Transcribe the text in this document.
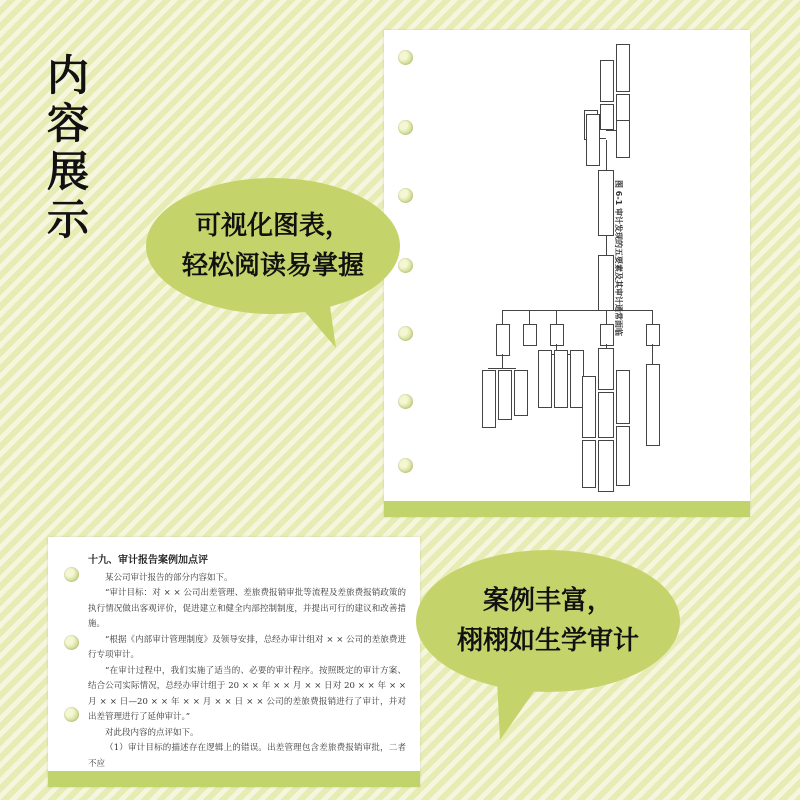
内
容
展
示	图 6-1 审计发现的五要素及其审计通常面临
可视化图表，
轻松阅读易掌握
十九、审计报告案例加点评

某公司审计报告的部分内容如下。

“审计目标：对 × × 公司出差管理、差旅费报销审批等流程及差旅费报销政策的执行情况做出客观评价，促进建立和健全内部控制制度，并提出可行的建议和改善措施。

“根据《内部审计管理制度》及领导安排，总经办审计组对 × × 公司的差旅费进行专项审计。

“在审计过程中，我们实施了适当的、必要的审计程序。按照既定的审计方案、结合公司实际情况，总经办审计组于 20 × × 年 × × 月 × × 日对 20 × × 年 × × 月 × × 日—20 × × 年 × × 月 × × 日 × × 公司的差旅费报销进行了审计，并对出差管理进行了延伸审计。”

对此段内容的点评如下。

（1）审计目标的描述存在逻辑上的错误。出差管理包含差旅费报销审批，二者不应

案例丰富，
栩栩如生学审计
